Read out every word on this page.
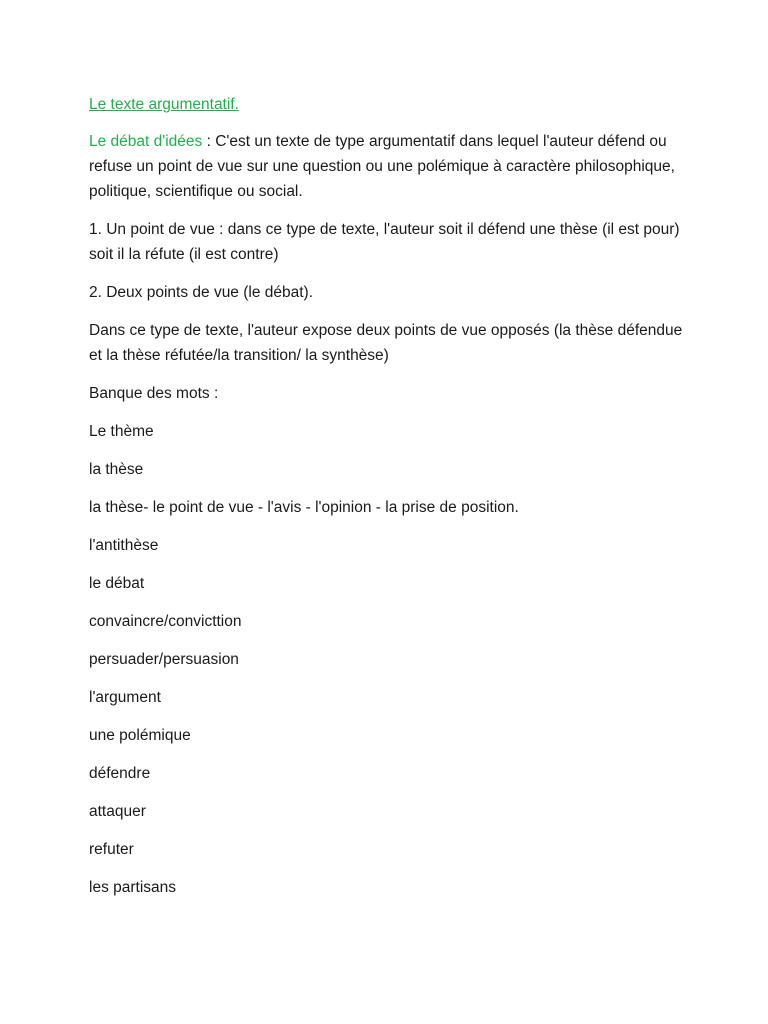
Le texte argumentatif.

Le débat d'idées : C'est un texte de type argumentatif dans lequel l'auteur défend ou refuse un point de vue sur une question ou une polémique à caractère philosophique, politique, scientifique ou social.

1. Un point de vue : dans ce type de texte, l'auteur soit il défend une thèse (il est pour) soit il la réfute (il est contre)

2. Deux points de vue (le débat).

Dans ce type de texte, l'auteur expose deux points de vue opposés (la thèse défendue et la thèse réfutée/la transition/ la synthèse)

Banque des mots :

Le thème

la thèse

la thèse- le point de vue - l'avis - l'opinion - la prise de position.

l'antithèse

le débat

convaincre/convicttion

persuader/persuasion

l'argument

une polémique

défendre

attaquer

refuter

les partisans
